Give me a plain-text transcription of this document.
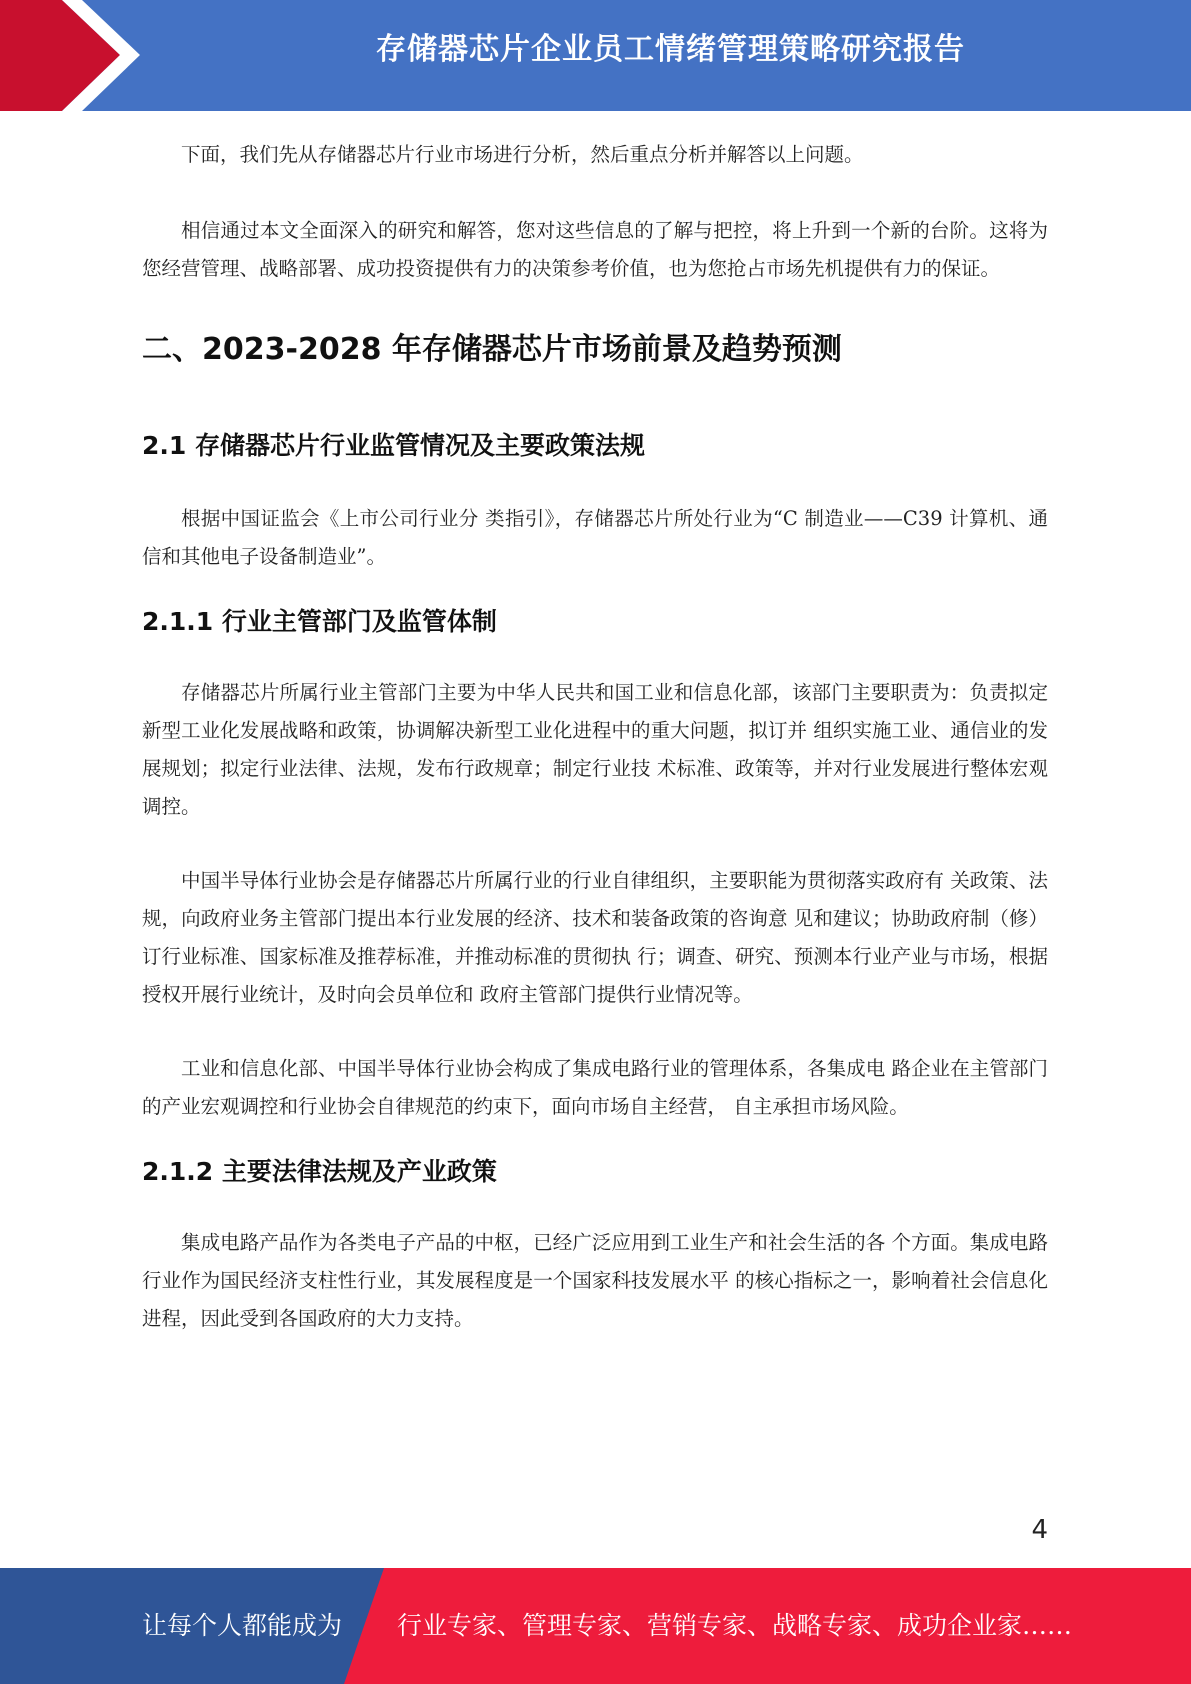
存储器芯片企业员工情绪管理策略研究报告

下面，我们先从存储器芯片行业市场进行分析，然后重点分析并解答以上问题。

相信通过本文全面深入的研究和解答，您对这些信息的了解与把控，将上升到一个新的台阶。这将为您经营管理、战略部署、成功投资提供有力的决策参考价值，也为您抢占市场先机提供有力的保证。

二、2023-2028 年存储器芯片市场前景及趋势预测
2.1 存储器芯片行业监管情况及主要政策法规

根据中国证监会《上市公司行业分 类指引》，存储器芯片所处行业为“C 制造业——C39 计算机、通信和其他电子设备制造业”。

2.1.1 行业主管部门及监管体制

存储器芯片所属行业主管部门主要为中华人民共和国工业和信息化部，该部门主要职责为：负责拟定新型工业化发展战略和政策，协调解决新型工业化进程中的重大问题，拟订并 组织实施工业、通信业的发展规划；拟定行业法律、法规，发布行政规章；制定行业技 术标准、政策等，并对行业发展进行整体宏观调控。

中国半导体行业协会是存储器芯片所属行业的行业自律组织，主要职能为贯彻落实政府有 关政策、法规，向政府业务主管部门提出本行业发展的经济、技术和装备政策的咨询意 见和建议；协助政府制（修）订行业标准、国家标准及推荐标准，并推动标准的贯彻执 行；调查、研究、预测本行业产业与市场，根据授权开展行业统计，及时向会员单位和 政府主管部门提供行业情况等。

工业和信息化部、中国半导体行业协会构成了集成电路行业的管理体系，各集成电 路企业在主管部门的产业宏观调控和行业协会自律规范的约束下，面向市场自主经营， 自主承担市场风险。

2.1.2 主要法律法规及产业政策

集成电路产品作为各类电子产品的中枢，已经广泛应用到工业生产和社会生活的各 个方面。集成电路行业作为国民经济支柱性行业，其发展程度是一个国家科技发展水平 的核心指标之一，影响着社会信息化进程，因此受到各国政府的大力支持。

4
让每个人都能成为 行业专家、管理专家、营销专家、战略专家、成功企业家……
